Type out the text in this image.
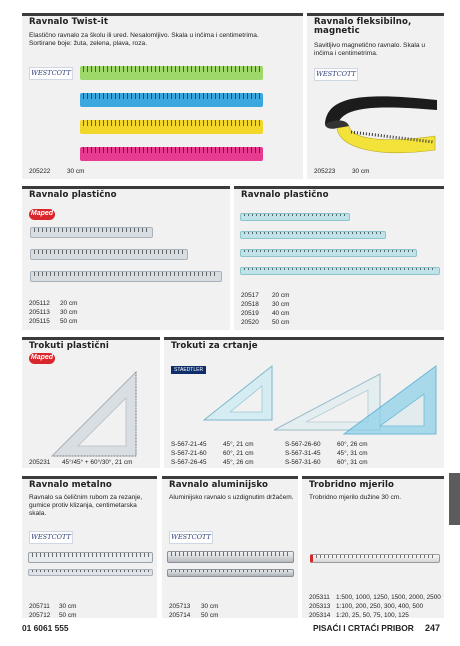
Ravnalo Twist-it
Elastično ravnalo za školu ili ured. Nesalomljivo. Skala u inčima i centimetrima. Sortirane boje: žuta, zelena, plava, roza.
WESTCOTT
205222	30 cm
Ravnalo fleksibilno, magnetic
Savitljivo magnetično ravnalo. Skala u inčima i centimetrima.
WESTCOTT
205223	30 cm
Ravnalo plastično
Maped
205112 20 cm
205113 30 cm
205115 50 cm
Ravnalo plastično
20517 20 cm
20518 30 cm
20519 40 cm
20520 50 cm
Trokuti plastični
Maped
205231 45°/45° + 60°/30°, 21 cm
Trokuti za crtanje
STAEDTLER
S-567-21-45	45°, 21 cm
S-567-21-60	60°, 21 cm
S-567-26-45	45°, 26 cm
S-567-26-60	60°, 26 cm
S-567-31-45	45°, 31 cm
S-567-31-60	60°, 31 cm
Ravnalo metalno
Ravnalo sa čeličnim rubom za rezanje, gumice protiv klizanja, centimetarska skala.
WESTCOTT
205711 30 cm
205712 50 cm
Ravnalo aluminijsko
Aluminijsko ravnalo s uzdignutim držačem.
WESTCOTT
205713 30 cm
205714 50 cm
Trobridno mjerilo
Trobridno mjerilo dužine 30 cm.
205311 1:500, 1000, 1250, 1500, 2000, 2500
205313 1:100, 200, 250, 300, 400, 500
205314 1:20, 25, 50, 75, 100, 125
01 6061 555	PISAĆI I CRTAĆI PRIBOR 247
